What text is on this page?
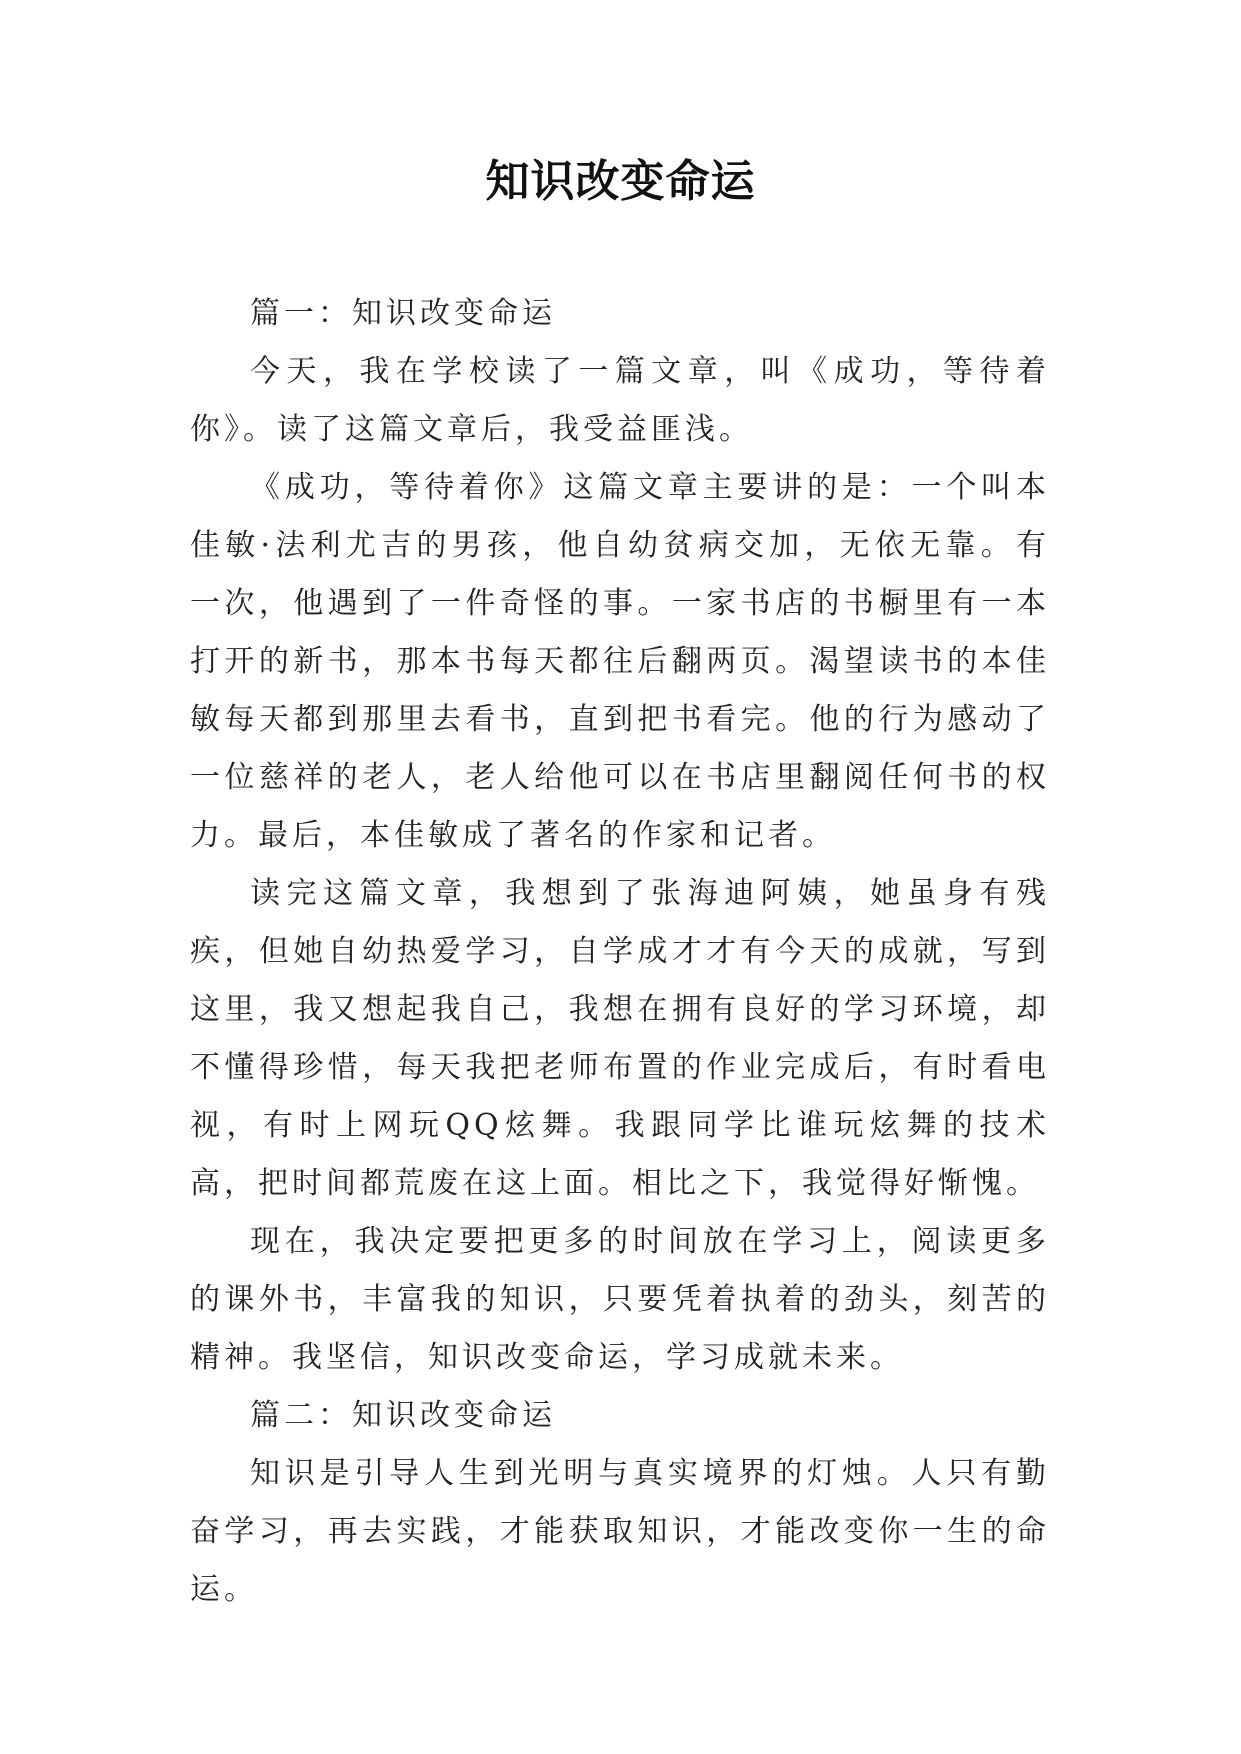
知识改变命运

篇一：知识改变命运

今天，我在学校读了一篇文章，叫《成功，等待着你》。读了这篇文章后，我受益匪浅。

《成功，等待着你》这篇文章主要讲的是：一个叫本佳敏·法利尤吉的男孩，他自幼贫病交加，无依无靠。有一次，他遇到了一件奇怪的事。一家书店的书橱里有一本打开的新书，那本书每天都往后翻两页。渴望读书的本佳敏每天都到那里去看书，直到把书看完。他的行为感动了一位慈祥的老人，老人给他可以在书店里翻阅任何书的权力。最后，本佳敏成了著名的作家和记者。

读完这篇文章，我想到了张海迪阿姨，她虽身有残疾，但她自幼热爱学习，自学成才才有今天的成就，写到这里，我又想起我自己，我想在拥有良好的学习环境，却不懂得珍惜，每天我把老师布置的作业完成后，有时看电视，有时上网玩QQ炫舞。我跟同学比谁玩炫舞的技术高，把时间都荒废在这上面。相比之下，我觉得好惭愧。

现在，我决定要把更多的时间放在学习上，阅读更多的课外书，丰富我的知识，只要凭着执着的劲头，刻苦的精神。我坚信，知识改变命运，学习成就未来。

篇二：知识改变命运

知识是引导人生到光明与真实境界的灯烛。人只有勤奋学习，再去实践，才能获取知识，才能改变你一生的命运。
